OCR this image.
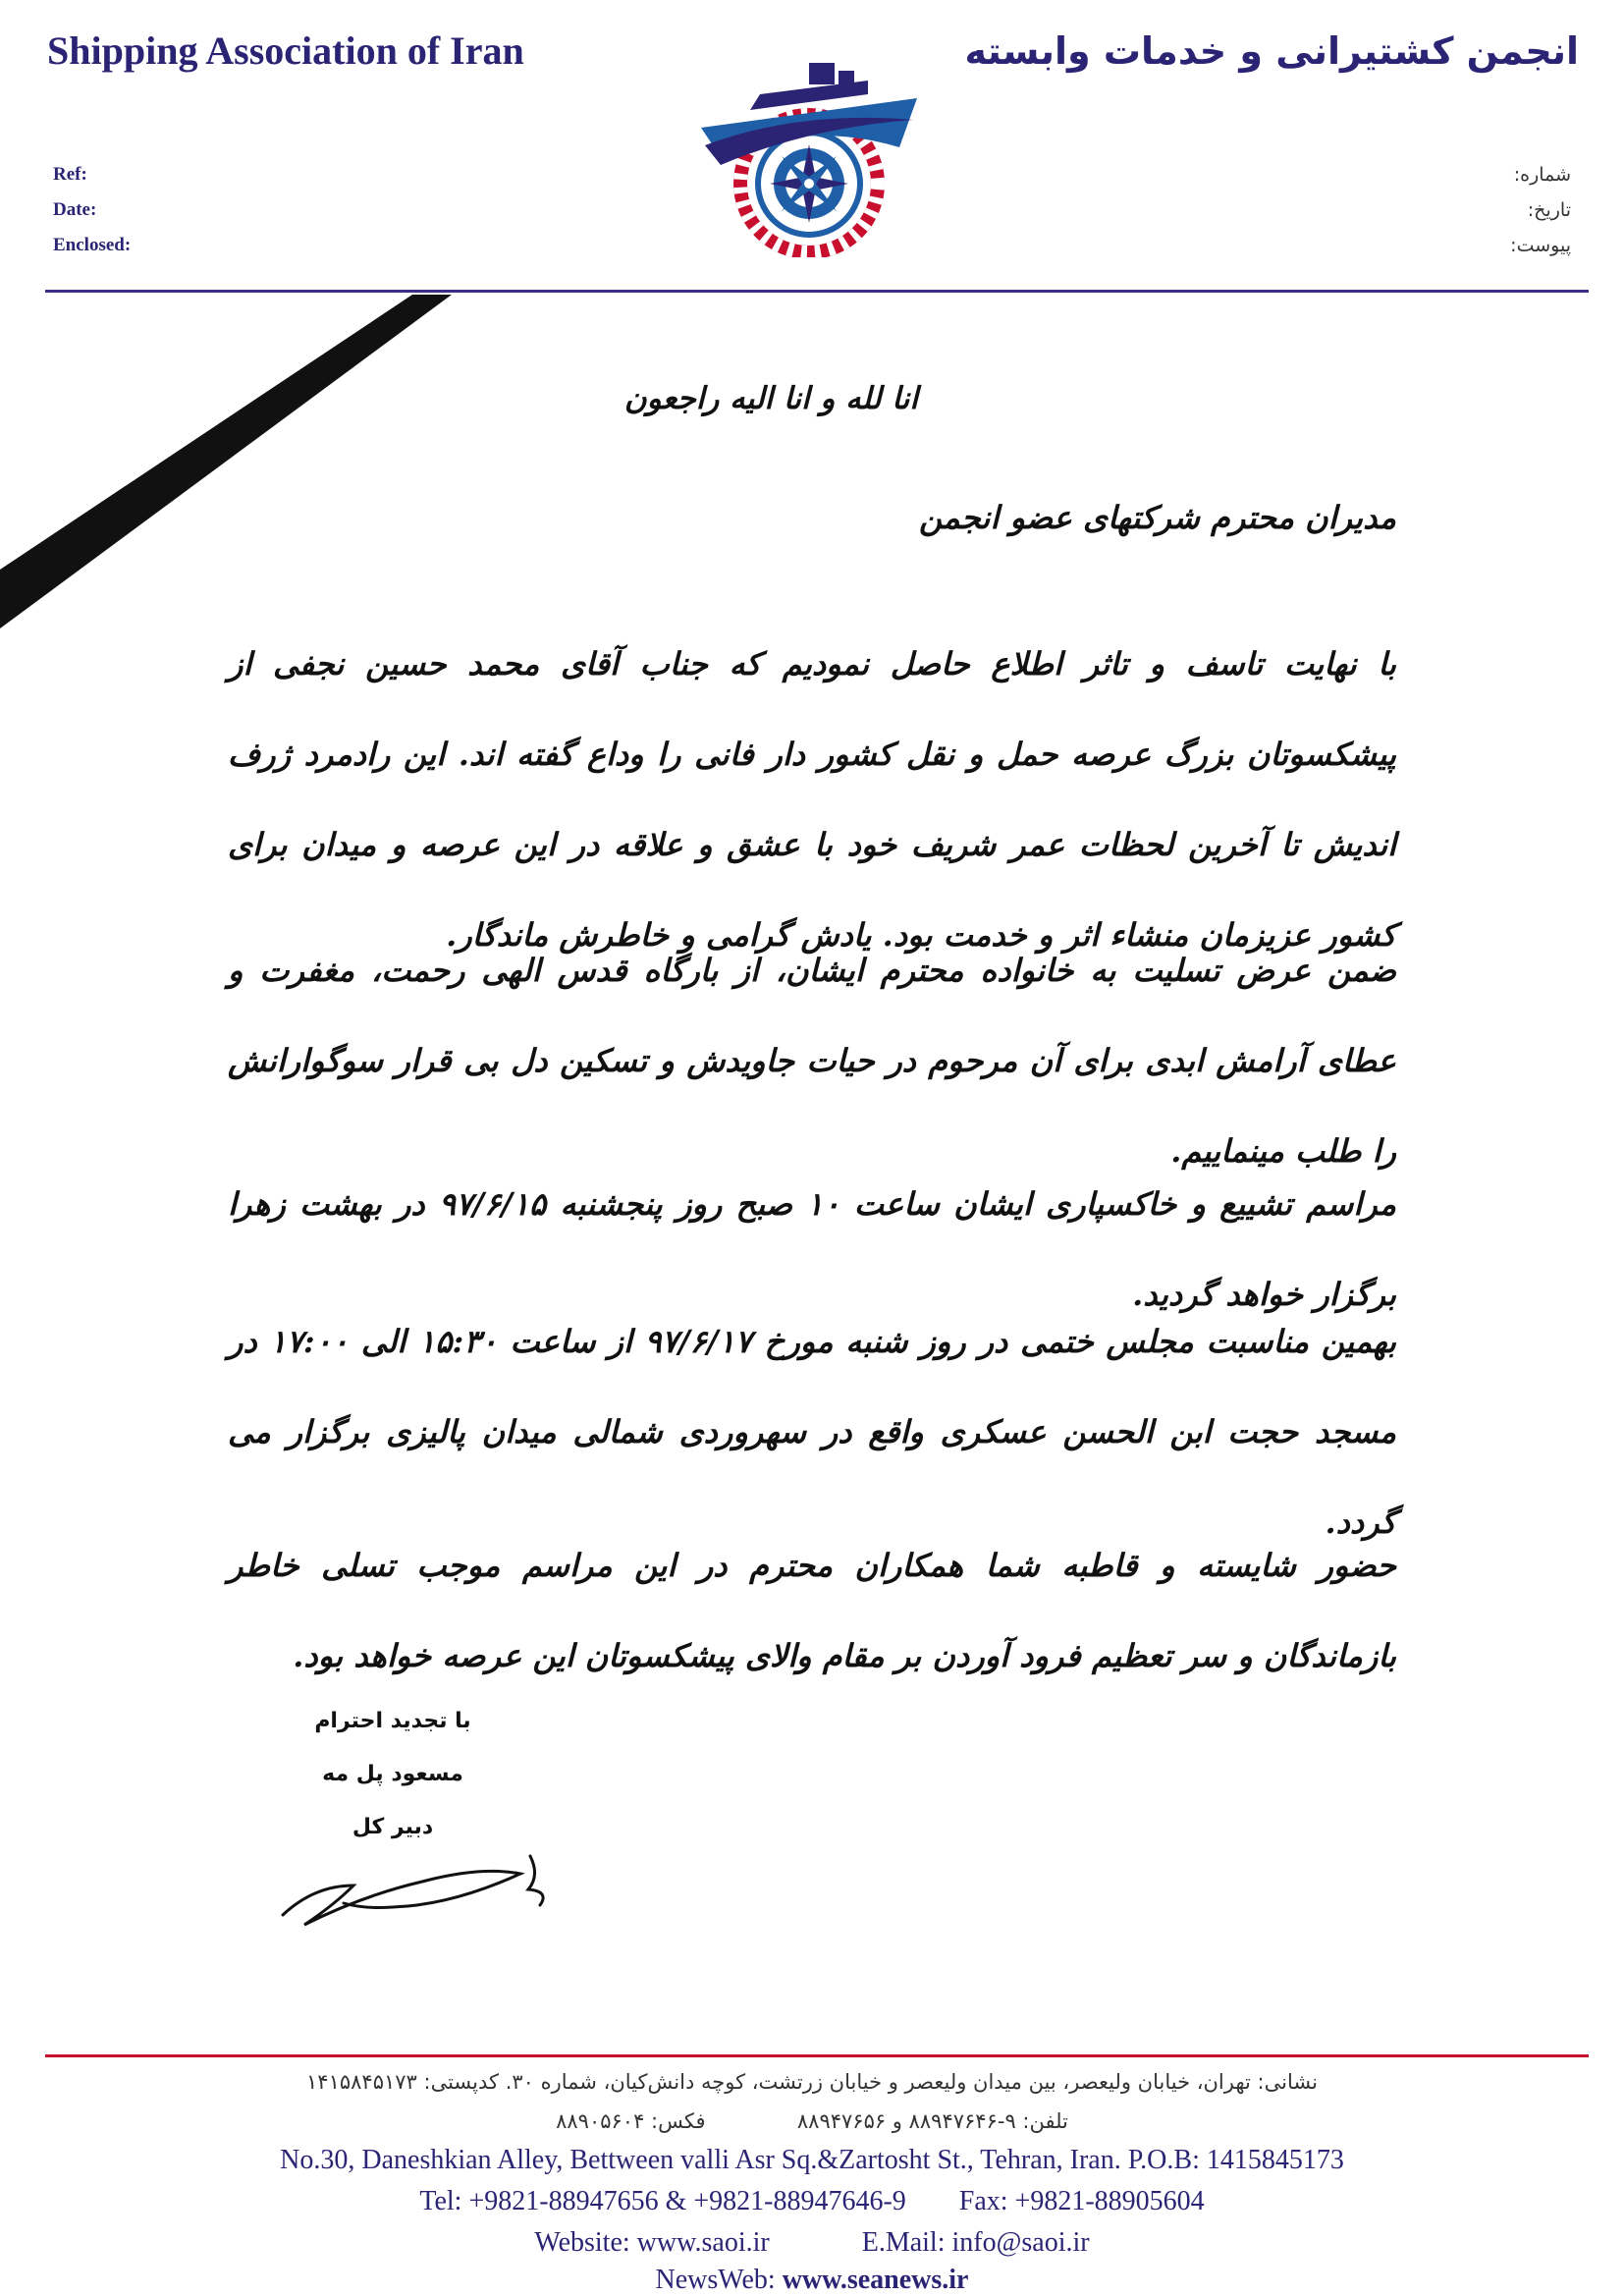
Shipping Association of Iran	انجمن کشتیرانی و خدمات وابسته
Ref:
Date:
Enclosed:
شماره:
تاریخ:
پیوست:
انا لله و انا الیه راجعون
مدیران محترم شرکتهای عضو انجمن
با نهایت تاسف و تاثر اطلاع حاصل نمودیم که جناب آقای محمد حسین نجفی از پیشکسوتان بزرگ عرصه حمل و نقل کشور دار فانی را وداع گفته اند. این رادمرد ژرف اندیش تا آخرین لحظات عمر شریف خود با عشق و علاقه در این عرصه و میدان برای کشور عزیزمان منشاء اثر و خدمت بود. یادش گرامی و خاطرش ماندگار.
ضمن عرض تسلیت به خانواده محترم ایشان، از بارگاه قدس الهی رحمت، مغفرت و عطای آرامش ابدی برای آن مرحوم در حیات جاویدش و تسکین دل بی قرار سوگوارانش را طلب مینماییم.
مراسم تشییع و خاکسپاری ایشان ساعت ۱۰ صبح روز پنجشنبه ۹۷/۶/۱۵ در بهشت زهرا برگزار خواهد گردید.
بهمین مناسبت مجلس ختمی در روز شنبه مورخ ۹۷/۶/۱۷ از ساعت ۱۵:۳۰ الی ۱۷:۰۰ در مسجد حجت ابن الحسن عسکری واقع در سهروردی شمالی میدان پالیزی برگزار می گردد.
حضور شایسته و قاطبه شما همکاران محترم در این مراسم موجب تسلی خاطر بازماندگان و سر تعظیم فرود آوردن بر مقام والای پیشکسوتان این عرصه خواهد بود.
با تجدید احترام
مسعود پل مه
دبیر کل
نشانی: تهران، خیابان ولیعصر، بین میدان ولیعصر و خیابان زرتشت، کوچه دانش‌کیان، شماره ۳۰. کدپستی: ۱۴۱۵۸۴۵۱۷۳
تلفن: ۹-۸۸۹۴۷۶۴۶ و ۸۸۹۴۷۶۵۶  فکس: ۸۸۹۰۵۶۰۴
No.30, Daneshkian Alley, Bettween valli Asr Sq.&Zartosht St., Tehran, Iran. P.O.B: 1415845173
Tel: +9821-88947656 & +9821-88947646-9 Fax: +9821-88905604
Website: www.saoi.ir	E.Mail: info@saoi.ir
NewsWeb: www.seanews.ir
